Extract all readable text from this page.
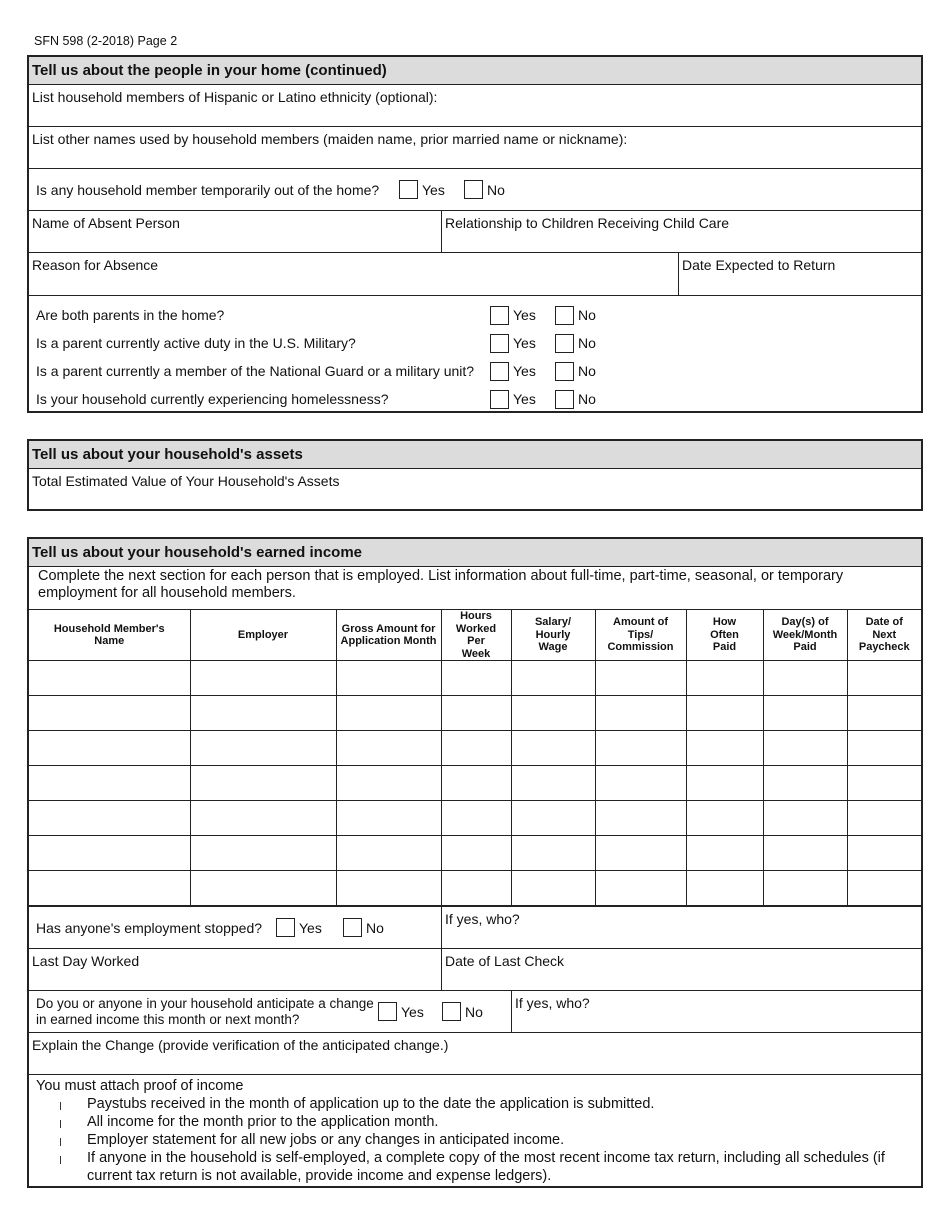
SFN 598 (2-2018) Page 2
Tell us about the people in your home (continued)
List household members of Hispanic or Latino ethnicity (optional):
List other names used by household members (maiden name, prior married name or nickname):
Is any household member temporarily out of the home?	Yes	No
Name of Absent Person	Relationship to Children Receiving Child Care
Reason for Absence	Date Expected to Return
Are both parents in the home?	Yes	No
Is a parent currently active duty in the U.S. Military?	Yes	No
Is a parent currently a member of the National Guard or a military unit?	Yes	No
Is your household currently experiencing homelessness?	Yes	No
Tell us about your household's assets
Total Estimated Value of Your Household's Assets
Tell us about your household's earned income
Complete the next section for each person that is employed. List information about full-time, part-time, seasonal, or temporary employment for all household members.
Household Member's Name	Employer	Gross Amount for Application Month	Hours Worked Per Week	Salary/ Hourly Wage	Amount of Tips/ Commission	How Often Paid	Day(s) of Week/Month Paid	Date of Next Paycheck

Has anyone's employment stopped?	Yes	No
If yes, who?
Last Day Worked	Date of Last Check
Do you or anyone in your household anticipate a change in earned income this month or next month?	Yes	No
If yes, who?
Explain the Change (provide verification of the anticipated change.)
You must attach proof of income
Paystubs received in the month of application up to the date the application is submitted.
All income for the month prior to the application month.
Employer statement for all new jobs or any changes in anticipated income.
If anyone in the household is self-employed, a complete copy of the most recent income tax return, including all schedules (if current tax return is not available, provide income and expense ledgers).
